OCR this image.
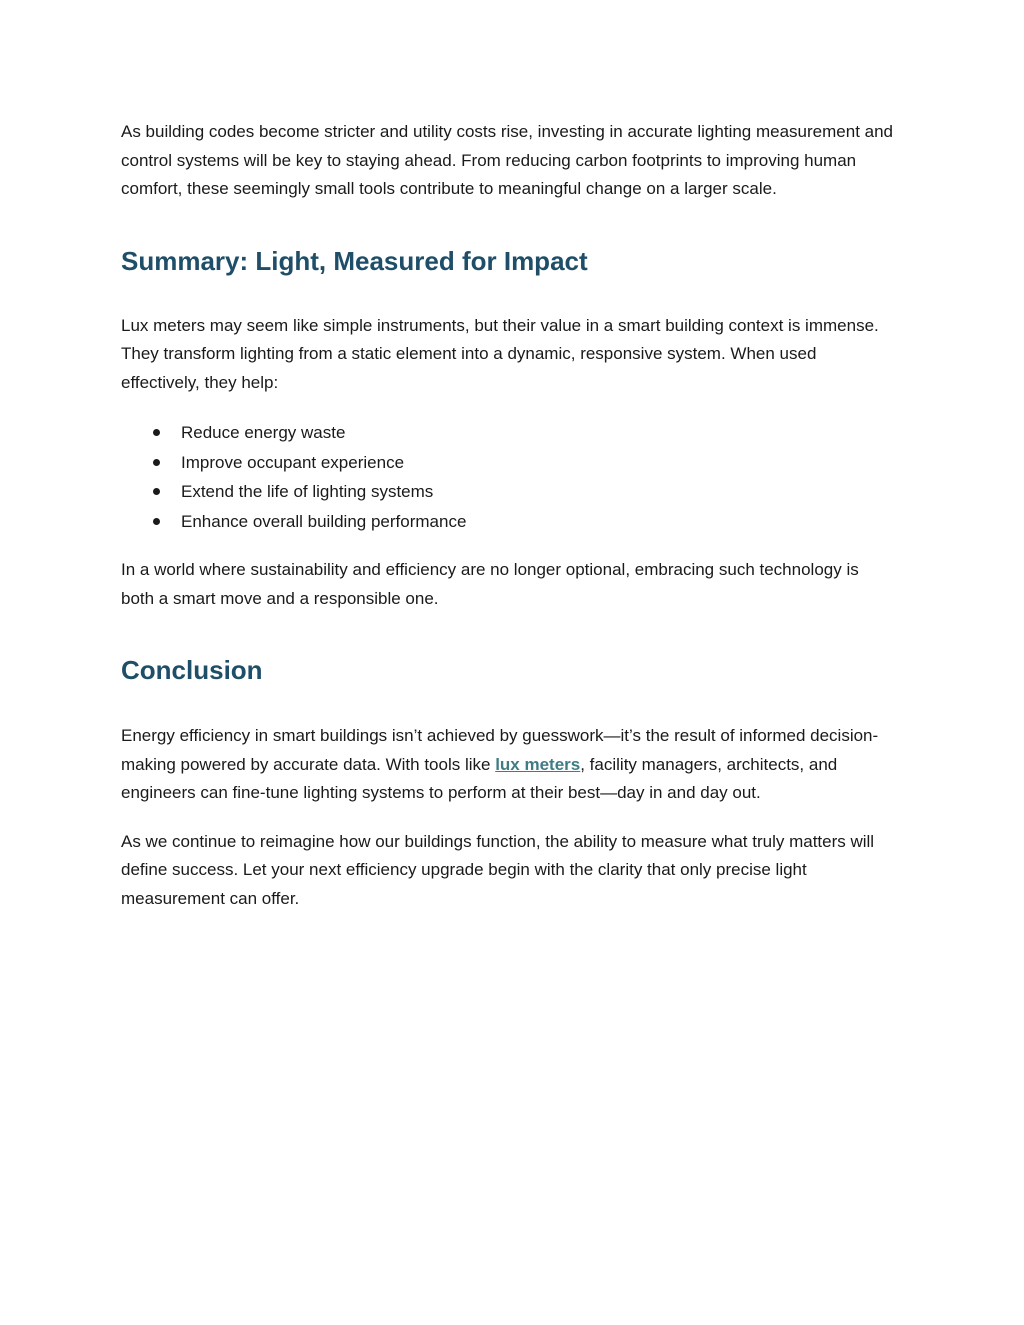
As building codes become stricter and utility costs rise, investing in accurate lighting measurement and control systems will be key to staying ahead. From reducing carbon footprints to improving human comfort, these seemingly small tools contribute to meaningful change on a larger scale.

Summary: Light, Measured for Impact

Lux meters may seem like simple instruments, but their value in a smart building context is immense. They transform lighting from a static element into a dynamic, responsive system. When used effectively, they help:

Reduce energy waste
Improve occupant experience
Extend the life of lighting systems
Enhance overall building performance

In a world where sustainability and efficiency are no longer optional, embracing such technology is both a smart move and a responsible one.

Conclusion

Energy efficiency in smart buildings isn’t achieved by guesswork—it’s the result of informed decision-making powered by accurate data. With tools like lux meters, facility managers, architects, and engineers can fine-tune lighting systems to perform at their best—day in and day out.

As we continue to reimagine how our buildings function, the ability to measure what truly matters will define success. Let your next efficiency upgrade begin with the clarity that only precise light measurement can offer.
